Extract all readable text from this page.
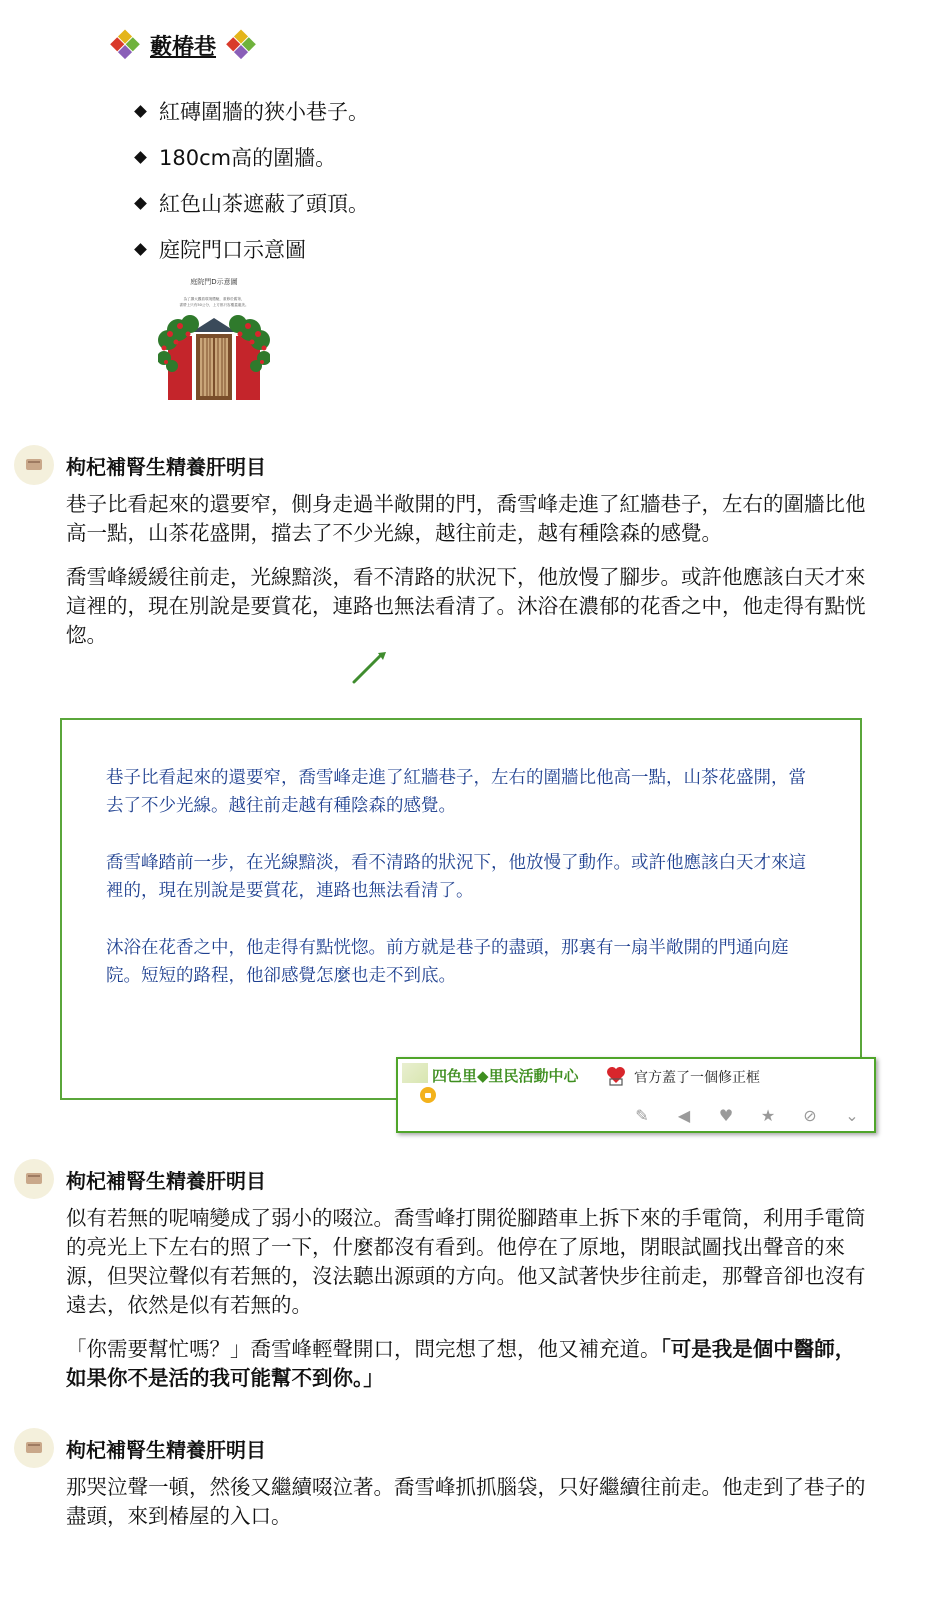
藪椿巷
紅磚圍牆的狹小巷子。
180cm高的圍牆。
紅色山茶遮蔽了頭頂。
庭院門口示意圖
庭院門D示意圖
為了擴大觀看環境體驗，重修於舊第，
書帶上只有50公分，上方都只容覆蓋龍美。
枸杞補腎生精養肝明目
巷子比看起來的還要窄，側身走過半敞開的門，喬雪峰走進了紅牆巷子，左右的圍牆比他高一點，山茶花盛開，擋去了不少光線，越往前走，越有種陰森的感覺。
喬雪峰緩緩往前走，光線黯淡，看不清路的狀況下，他放慢了腳步。或許他應該白天才來這裡的，現在別說是要賞花，連路也無法看清了。沐浴在濃郁的花香之中，他走得有點恍惚。

巷子比看起來的還要窄，喬雪峰走進了紅牆巷子，左右的圍牆比他高一點，山茶花盛開，當去了不少光線。越往前走越有種陰森的感覺。

喬雪峰踏前一步，在光線黯淡，看不清路的狀況下，他放慢了動作。或許他應該白天才來這裡的，現在別說是要賞花，連路也無法看清了。

沐浴在花香之中，他走得有點恍惚。前方就是巷子的盡頭，那裏有一扇半敞開的門通向庭院。短短的路程，他卻感覺怎麼也走不到底。

四色里◆里民活動中心	官方蓋了一個修正框
✎ ◀ ♥ ★ ⊘ ⌄
枸杞補腎生精養肝明目
似有若無的呢喃變成了弱小的啜泣。喬雪峰打開從腳踏車上拆下來的手電筒，利用手電筒的亮光上下左右的照了一下，什麼都沒有看到。他停在了原地，閉眼試圖找出聲音的來源，但哭泣聲似有若無的，沒法聽出源頭的方向。他又試著快步往前走，那聲音卻也沒有遠去，依然是似有若無的。
「你需要幫忙嗎？」喬雪峰輕聲開口，問完想了想，他又補充道。「可是我是個中醫師，如果你不是活的我可能幫不到你。」
枸杞補腎生精養肝明目
那哭泣聲一頓，然後又繼續啜泣著。喬雪峰抓抓腦袋，只好繼續往前走。他走到了巷子的盡頭，來到椿屋的入口。
